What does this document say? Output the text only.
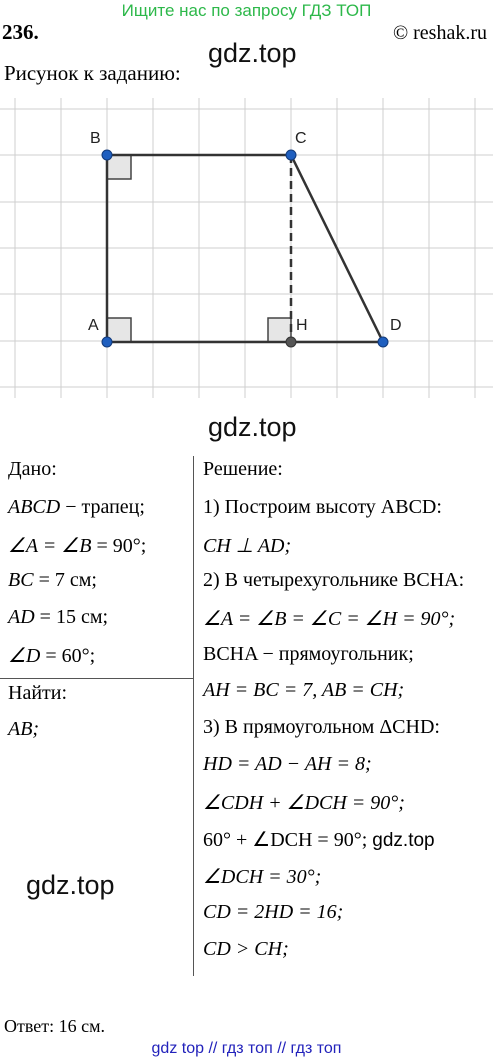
Ищите нас по запросу ГДЗ ТОП
236.	© reshak.ru
gdz.top
Рисунок к заданию:
B	C
A	H	D
gdz.top
Дано:
ABCD − трапец;
∠A = ∠B = 90°;
BC = 7 см;
AD = 15 см;
∠D = 60°;
Найти:
AB;
Решение:
1) Построим высоту ABCD:
CH ⊥ AD;
2) В четырехугольнике BCHA:
∠A = ∠B = ∠C = ∠H = 90°;
BCHA − прямоугольник;
AH = BC = 7, AB = CH;
3) В прямоугольном ΔCHD:
HD = AD − AH = 8;
∠CDH + ∠DCH = 90°;
60° + ∠DCH = 90°; gdz.top
∠DCH = 30°;
CD = 2HD = 16;
CD > CH;
gdz.top
Ответ: 16 см.
gdz top // гдз топ // гдз топ
